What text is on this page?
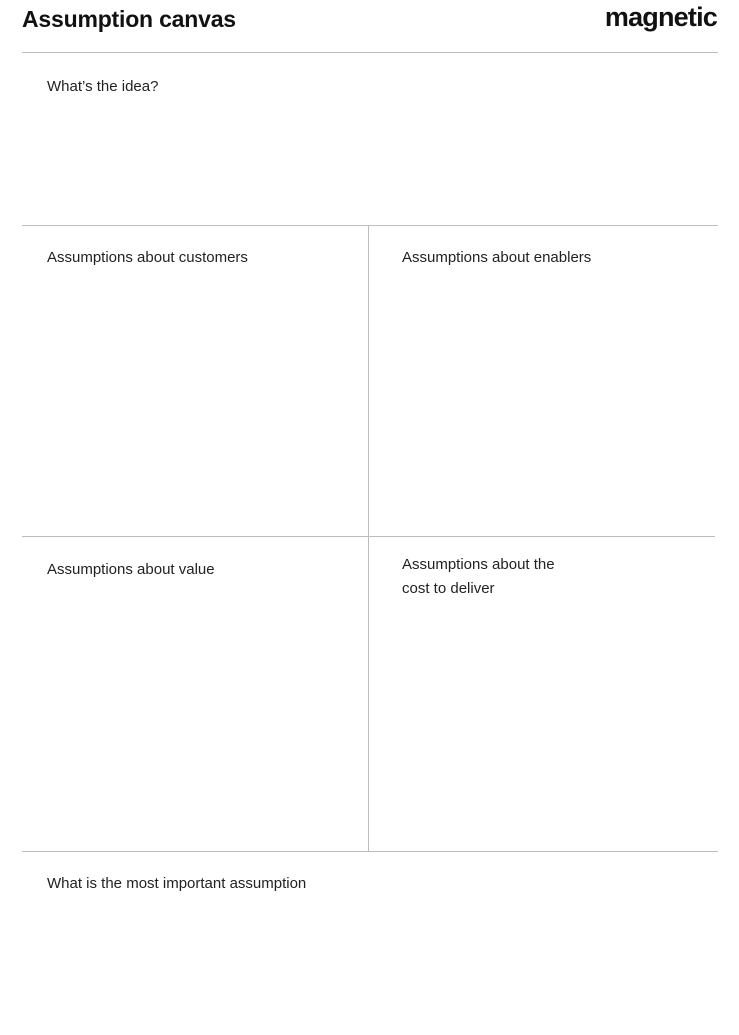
Assumption canvas	magnetic
What’s the idea?
Assumptions about customers	Assumptions about enablers
Assumptions about value	Assumptions about the
cost to deliver
What is the most important assumption
